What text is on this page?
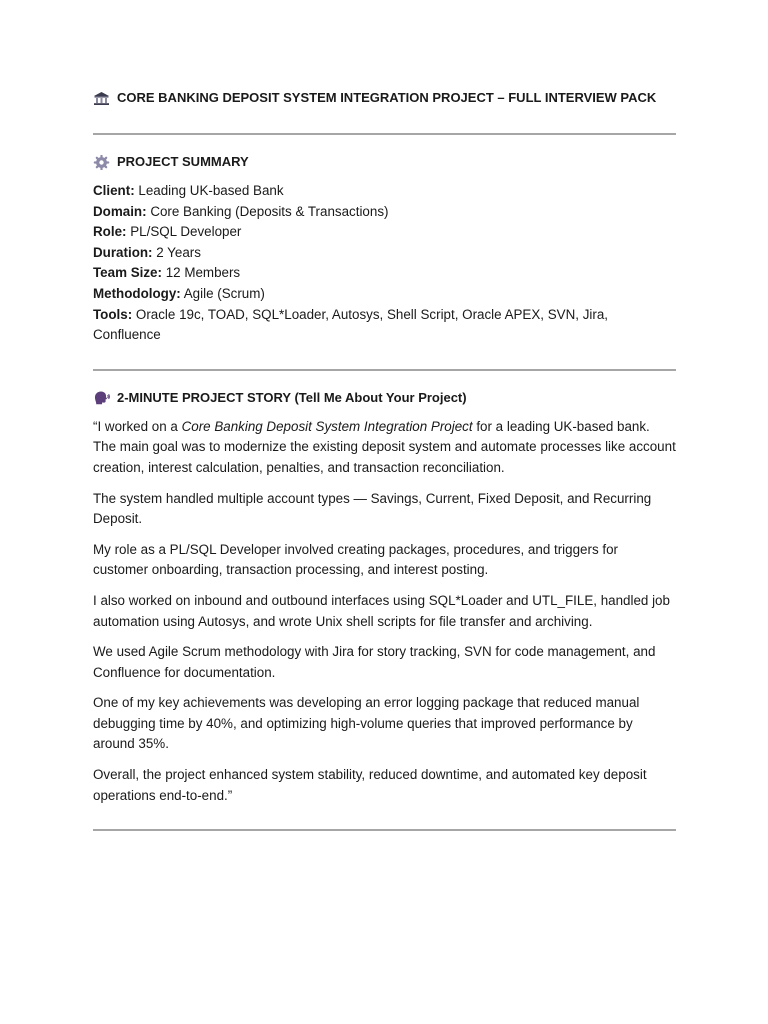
CORE BANKING DEPOSIT SYSTEM INTEGRATION PROJECT – FULL INTERVIEW PACK
PROJECT SUMMARY
Client: Leading UK-based Bank
Domain: Core Banking (Deposits & Transactions)
Role: PL/SQL Developer
Duration: 2 Years
Team Size: 12 Members
Methodology: Agile (Scrum)
Tools: Oracle 19c, TOAD, SQL*Loader, Autosys, Shell Script, Oracle APEX, SVN, Jira, Confluence
2-MINUTE PROJECT STORY (Tell Me About Your Project)

“I worked on a Core Banking Deposit System Integration Project for a leading UK-based bank. The main goal was to modernize the existing deposit system and automate processes like account creation, interest calculation, penalties, and transaction reconciliation.

The system handled multiple account types — Savings, Current, Fixed Deposit, and Recurring Deposit.

My role as a PL/SQL Developer involved creating packages, procedures, and triggers for customer onboarding, transaction processing, and interest posting.

I also worked on inbound and outbound interfaces using SQL*Loader and UTL_FILE, handled job automation using Autosys, and wrote Unix shell scripts for file transfer and archiving.

We used Agile Scrum methodology with Jira for story tracking, SVN for code management, and Confluence for documentation.

One of my key achievements was developing an error logging package that reduced manual debugging time by 40%, and optimizing high-volume queries that improved performance by around 35%.

Overall, the project enhanced system stability, reduced downtime, and automated key deposit operations end-to-end.”
